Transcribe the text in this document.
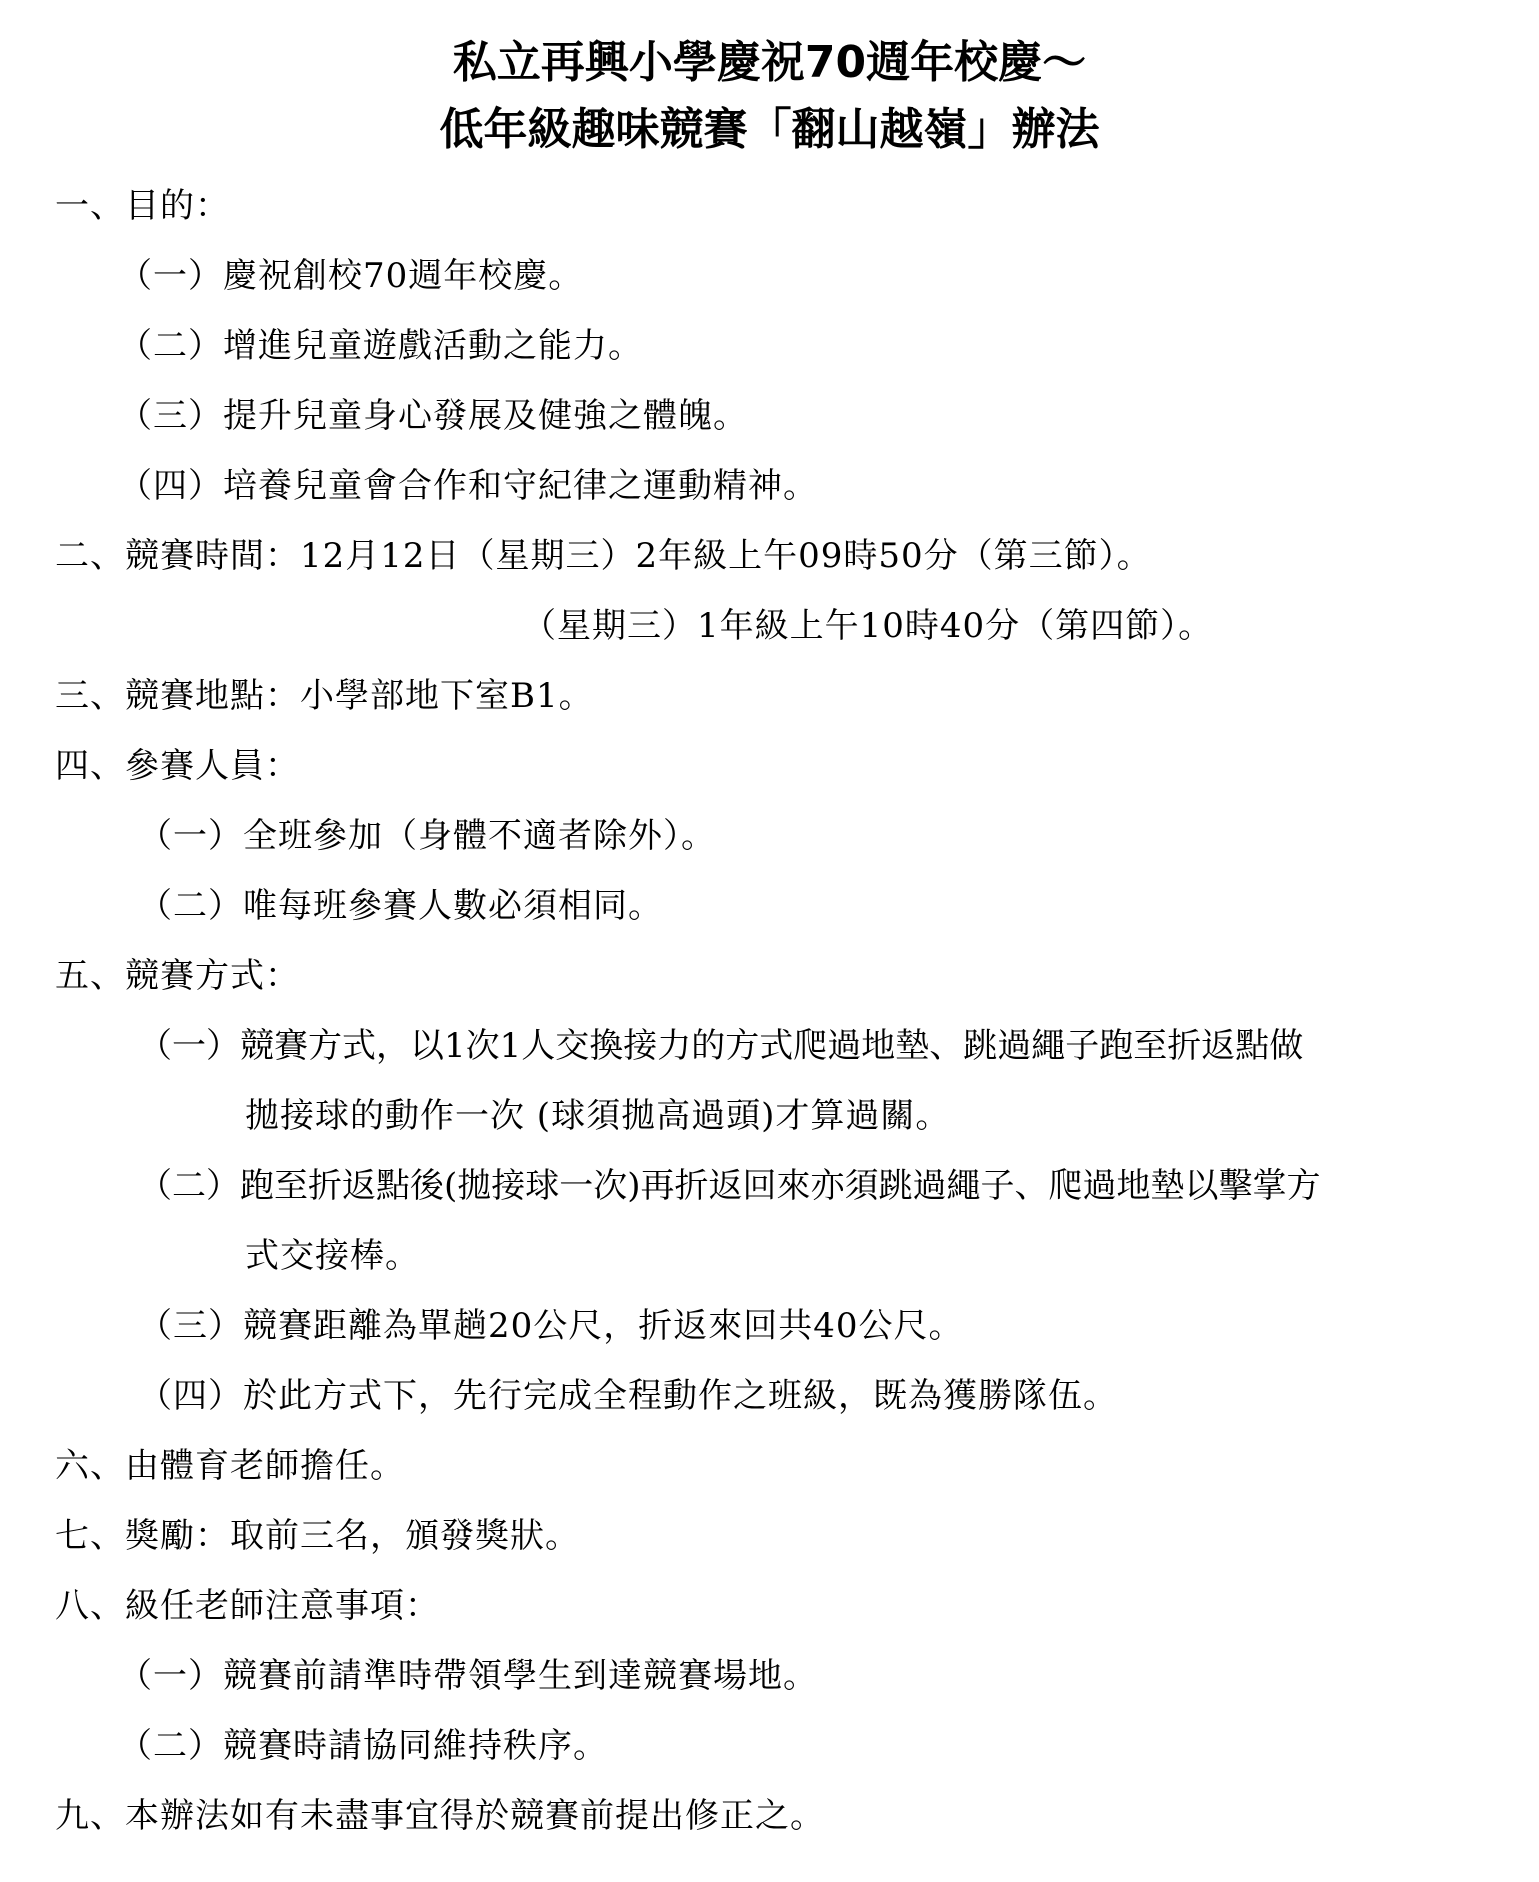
私立再興小學慶祝70週年校慶～
低年級趣味競賽「翻山越嶺」辦法
一、目的：
（一）慶祝創校70週年校慶。
（二）增進兒童遊戲活動之能力。
（三）提升兒童身心發展及健強之體魄。
（四）培養兒童會合作和守紀律之運動精神。
二、競賽時間：12月12日（星期三）2年級上午09時50分（第三節）。
（星期三）1年級上午10時40分（第四節）。
三、競賽地點：小學部地下室B1。
四、參賽人員：
（一）全班參加（身體不適者除外）。
（二）唯每班參賽人數必須相同。
五、競賽方式：
（一）競賽方式，以1次1人交換接力的方式爬過地墊、跳過繩子跑至折返點做
拋接球的動作一次 (球須拋高過頭)才算過關。
（二）跑至折返點後(拋接球一次)再折返回來亦須跳過繩子、爬過地墊以擊掌方
式交接棒。
（三）競賽距離為單趟20公尺，折返來回共40公尺。
（四）於此方式下，先行完成全程動作之班級，既為獲勝隊伍。
六、由體育老師擔任。
七、獎勵：取前三名，頒發獎狀。
八、級任老師注意事項：
（一）競賽前請準時帶領學生到達競賽場地。
（二）競賽時請協同維持秩序。
九、本辦法如有未盡事宜得於競賽前提出修正之。
